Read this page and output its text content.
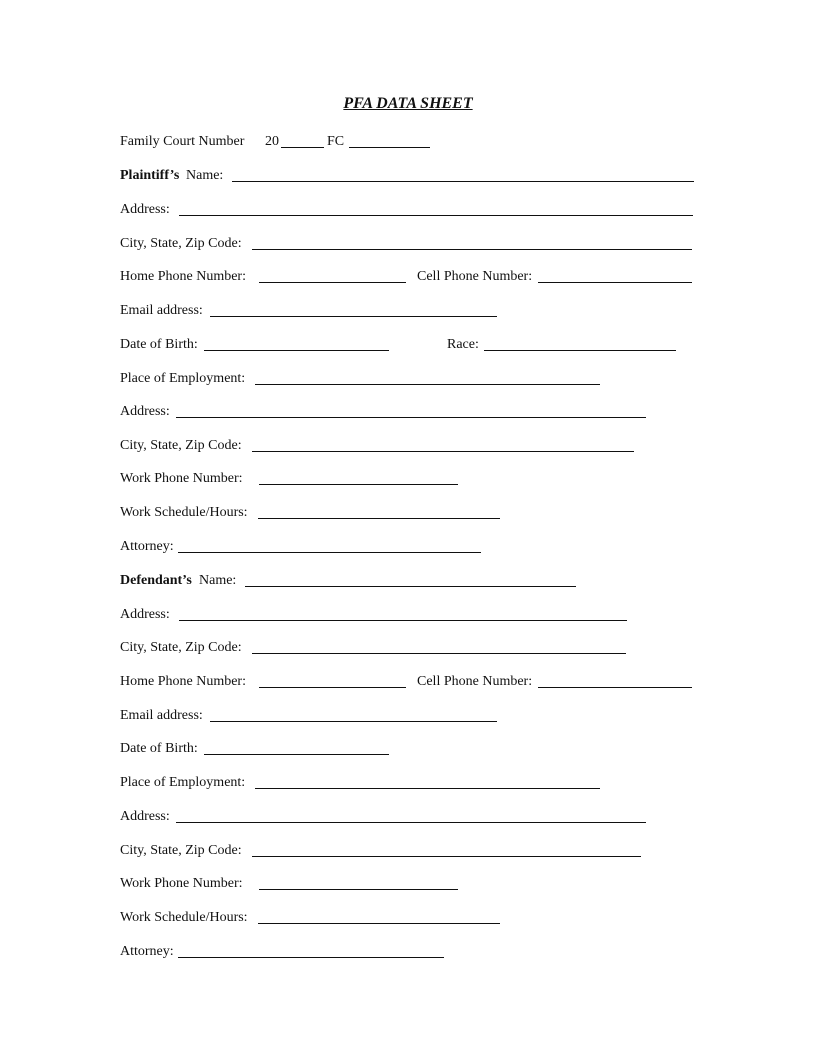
PFA DATA SHEET
Family Court Number 20	FC
Plaintiff’s Name:
Address:
City, State, Zip Code:
Home Phone Number:	Cell Phone Number:
Email address:
Date of Birth:	Race:
Place of Employment:
Address:
City, State, Zip Code:
Work Phone Number:
Work Schedule/Hours:
Attorney:
Defendant’s Name:
Address:
City, State, Zip Code:
Home Phone Number:	Cell Phone Number:
Email address:
Date of Birth:
Place of Employment:
Address:
City, State, Zip Code:
Work Phone Number:
Work Schedule/Hours:
Attorney:
